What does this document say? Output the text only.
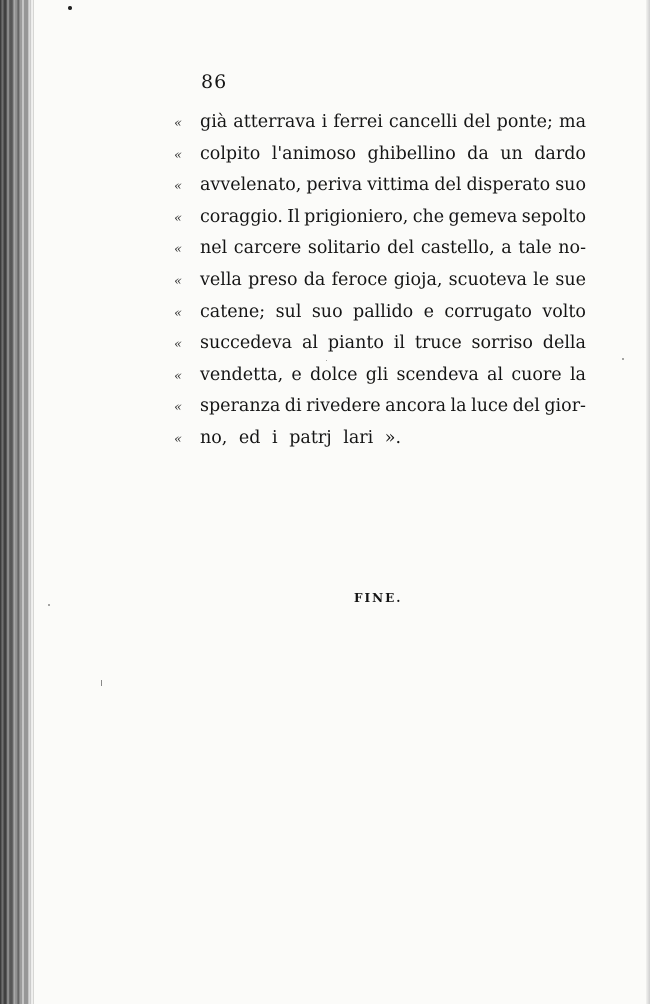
86
«	già atterrava i ferrei cancelli del ponte; ma
«	colpito l'animoso ghibellino da un dardo
«	avvelenato, periva vittima del disperato suo
«	coraggio. Il prigioniero, che gemeva sepolto
«	nel carcere solitario del castello, a tale no-
«	vella preso da feroce gioja, scuoteva le sue
«	catene; sul suo pallido e corrugato volto
«	succedeva al pianto il truce sorriso della
«	vendetta, e dolce gli scendeva al cuore la
«	speranza di rivedere ancora la luce del gior-
«	no, ed i patrj lari ».
FINE.
